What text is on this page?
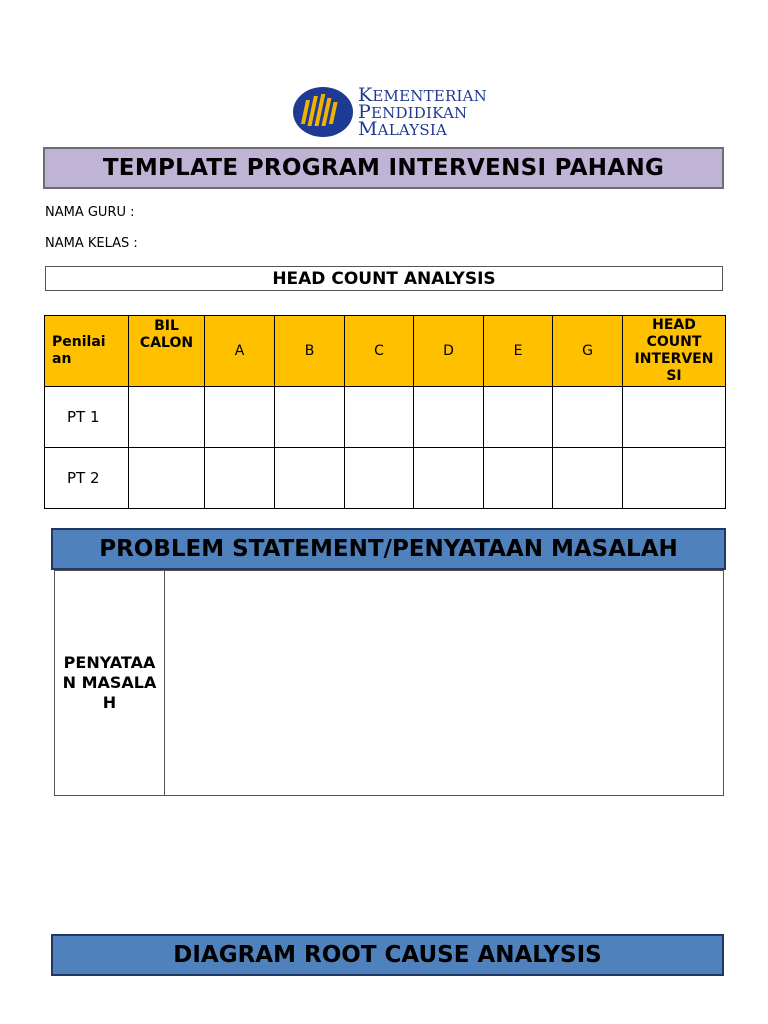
KEMENTERIAN
PENDIDIKAN
MALAYSIA
TEMPLATE PROGRAM INTERVENSI PAHANG
NAMA GURU :
NAMA KELAS :
HEAD COUNT ANALYSIS
Penilai an	BIL CALON	A	B	C	D	E	G	HEAD COUNT INTERVEN SI
PT 1								
PT 2								
PROBLEM STATEMENT/PENYATAAN MASALAH
PENYATAAN MASALAH
DIAGRAM ROOT CAUSE ANALYSIS
